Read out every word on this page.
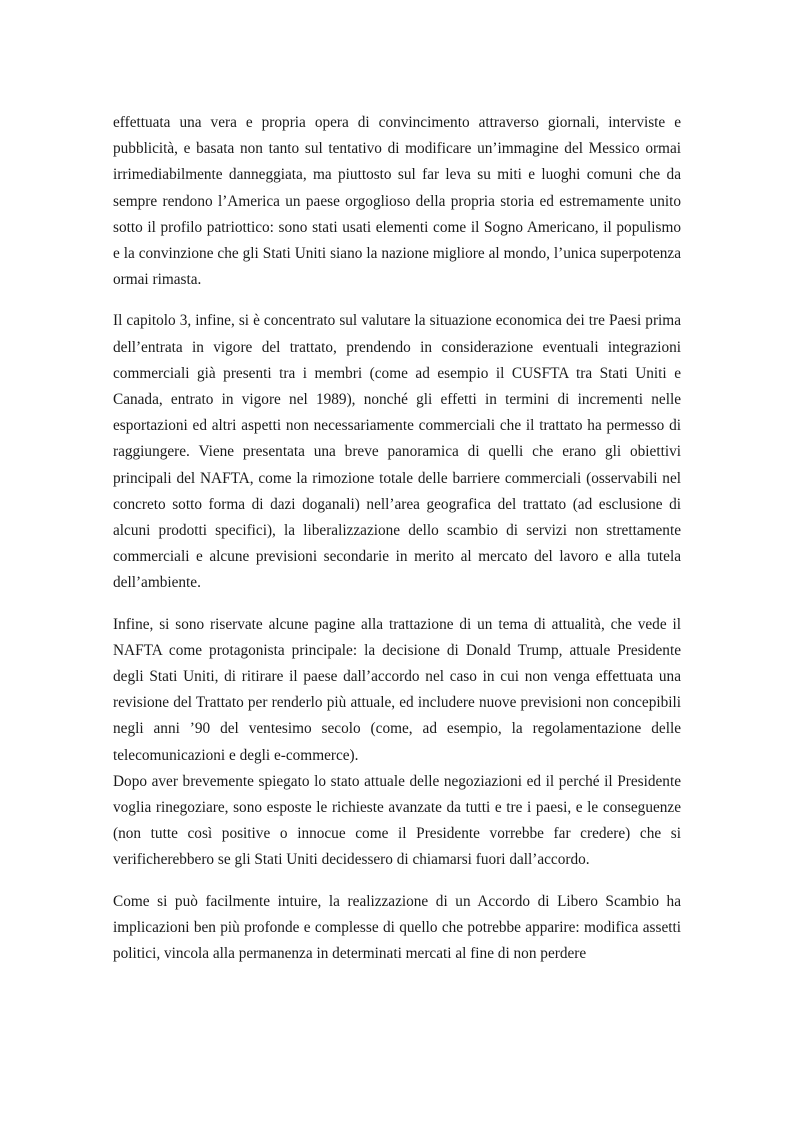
effettuata una vera e propria opera di convincimento attraverso giornali, interviste e pubblicità, e basata non tanto sul tentativo di modificare un’immagine del Messico ormai irrimediabilmente danneggiata, ma piuttosto sul far leva su miti e luoghi comuni che da sempre rendono l’America un paese orgoglioso della propria storia ed estremamente unito sotto il profilo patriottico: sono stati usati elementi come il Sogno Americano, il populismo e la convinzione che gli Stati Uniti siano la nazione migliore al mondo, l’unica superpotenza ormai rimasta.

Il capitolo 3, infine, si è concentrato sul valutare la situazione economica dei tre Paesi prima dell’entrata in vigore del trattato, prendendo in considerazione eventuali integrazioni commerciali già presenti tra i membri (come ad esempio il CUSFTA tra Stati Uniti e Canada, entrato in vigore nel 1989), nonché gli effetti in termini di incrementi nelle esportazioni ed altri aspetti non necessariamente commerciali che il trattato ha permesso di raggiungere. Viene presentata una breve panoramica di quelli che erano gli obiettivi principali del NAFTA, come la rimozione totale delle barriere commerciali (osservabili nel concreto sotto forma di dazi doganali) nell’area geografica del trattato (ad esclusione di alcuni prodotti specifici), la liberalizzazione dello scambio di servizi non strettamente commerciali e alcune previsioni secondarie in merito al mercato del lavoro e alla tutela dell’ambiente.

Infine, si sono riservate alcune pagine alla trattazione di un tema di attualità, che vede il NAFTA come protagonista principale: la decisione di Donald Trump, attuale Presidente degli Stati Uniti, di ritirare il paese dall’accordo nel caso in cui non venga effettuata una revisione del Trattato per renderlo più attuale, ed includere nuove previsioni non concepibili negli anni ’90 del ventesimo secolo (come, ad esempio, la regolamentazione delle telecomunicazioni e degli e-commerce).

Dopo aver brevemente spiegato lo stato attuale delle negoziazioni ed il perché il Presidente voglia rinegoziare, sono esposte le richieste avanzate da tutti e tre i paesi, e le conseguenze (non tutte così positive o innocue come il Presidente vorrebbe far credere) che si verificherebbero se gli Stati Uniti decidessero di chiamarsi fuori dall’accordo.

Come si può facilmente intuire, la realizzazione di un Accordo di Libero Scambio ha implicazioni ben più profonde e complesse di quello che potrebbe apparire: modifica assetti politici, vincola alla permanenza in determinati mercati al fine di non perdere
